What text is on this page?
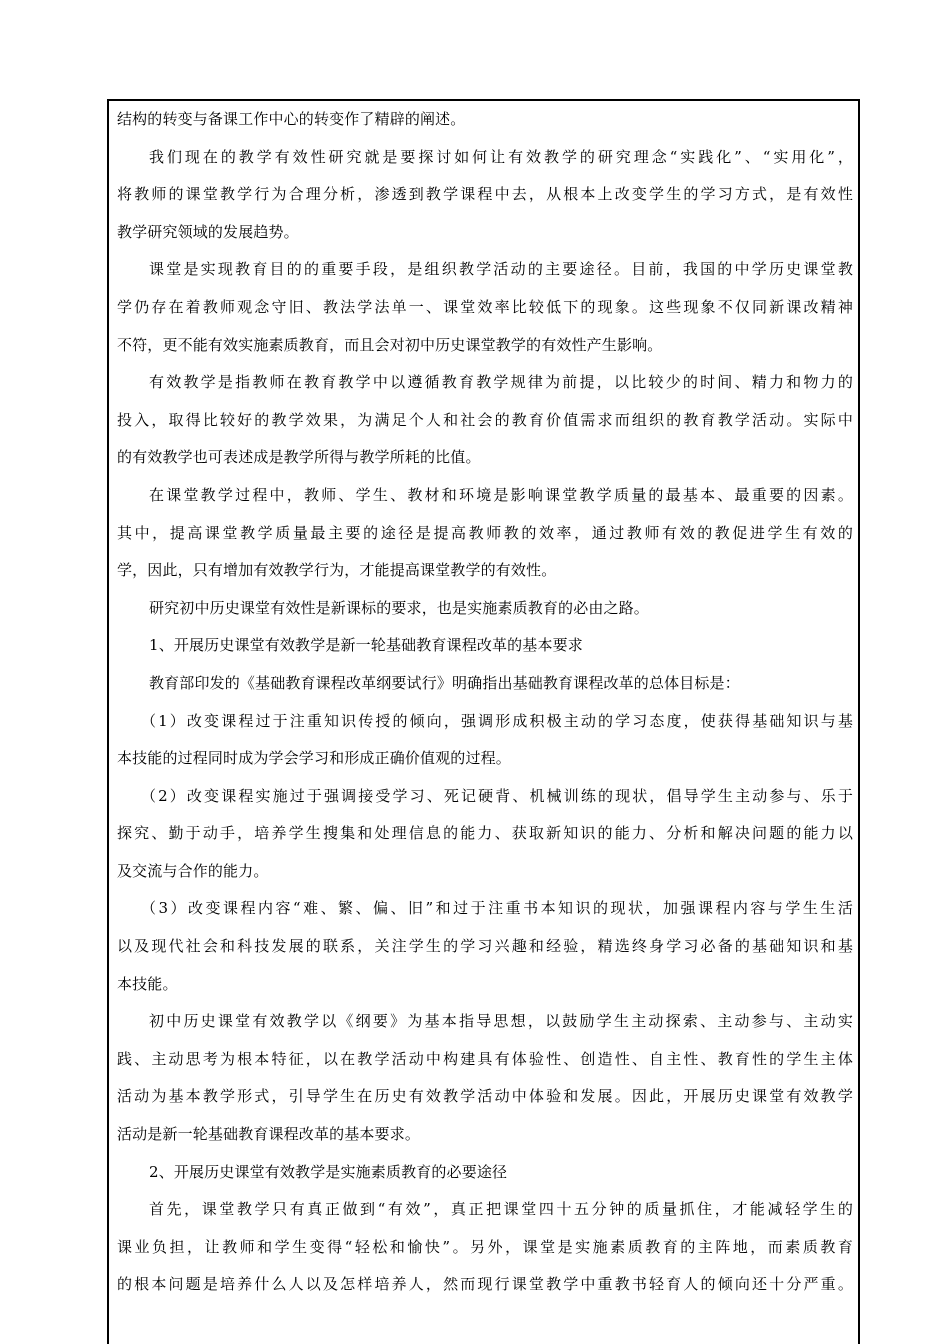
结构的转变与备课工作中心的转变作了精辟的阐述。
我们现在的教学有效性研究就是要探讨如何让有效教学的研究理念“实践化”、“实用化”，
将教师的课堂教学行为合理分析，渗透到教学课程中去，从根本上改变学生的学习方式，是有效性
教学研究领域的发展趋势。
课堂是实现教育目的的重要手段，是组织教学活动的主要途径。目前，我国的中学历史课堂教
学仍存在着教师观念守旧、教法学法单一、课堂效率比较低下的现象。这些现象不仅同新课改精神
不符，更不能有效实施素质教育，而且会对初中历史课堂教学的有效性产生影响。
有效教学是指教师在教育教学中以遵循教育教学规律为前提，以比较少的时间、精力和物力的
投入，取得比较好的教学效果，为满足个人和社会的教育价值需求而组织的教育教学活动。实际中
的有效教学也可表述成是教学所得与教学所耗的比值。
在课堂教学过程中，教师、学生、教材和环境是影响课堂教学质量的最基本、最重要的因素。
其中，提高课堂教学质量最主要的途径是提高教师教的效率，通过教师有效的教促进学生有效的
学，因此，只有增加有效教学行为，才能提高课堂教学的有效性。
研究初中历史课堂有效性是新课标的要求，也是实施素质教育的必由之路。
1、开展历史课堂有效教学是新一轮基础教育课程改革的基本要求
教育部印发的《基础教育课程改革纲要试行》明确指出基础教育课程改革的总体目标是：
（1）改变课程过于注重知识传授的倾向，强调形成积极主动的学习态度，使获得基础知识与基
本技能的过程同时成为学会学习和形成正确价值观的过程。
（2）改变课程实施过于强调接受学习、死记硬背、机械训练的现状，倡导学生主动参与、乐于
探究、勤于动手，培养学生搜集和处理信息的能力、获取新知识的能力、分析和解决问题的能力以
及交流与合作的能力。
（3）改变课程内容“难、繁、偏、旧”和过于注重书本知识的现状，加强课程内容与学生生活
以及现代社会和科技发展的联系，关注学生的学习兴趣和经验，精选终身学习必备的基础知识和基
本技能。
初中历史课堂有效教学以《纲要》为基本指导思想，以鼓励学生主动探索、主动参与、主动实
践、主动思考为根本特征，以在教学活动中构建具有体验性、创造性、自主性、教育性的学生主体
活动为基本教学形式，引导学生在历史有效教学活动中体验和发展。因此，开展历史课堂有效教学
活动是新一轮基础教育课程改革的基本要求。
2、开展历史课堂有效教学是实施素质教育的必要途径
首先，课堂教学只有真正做到“有效”，真正把课堂四十五分钟的质量抓住，才能减轻学生的
课业负担，让教师和学生变得“轻松和愉快”。另外，课堂是实施素质教育的主阵地，而素质教育
的根本问题是培养什么人以及怎样培养人，然而现行课堂教学中重教书轻育人的倾向还十分严重。
